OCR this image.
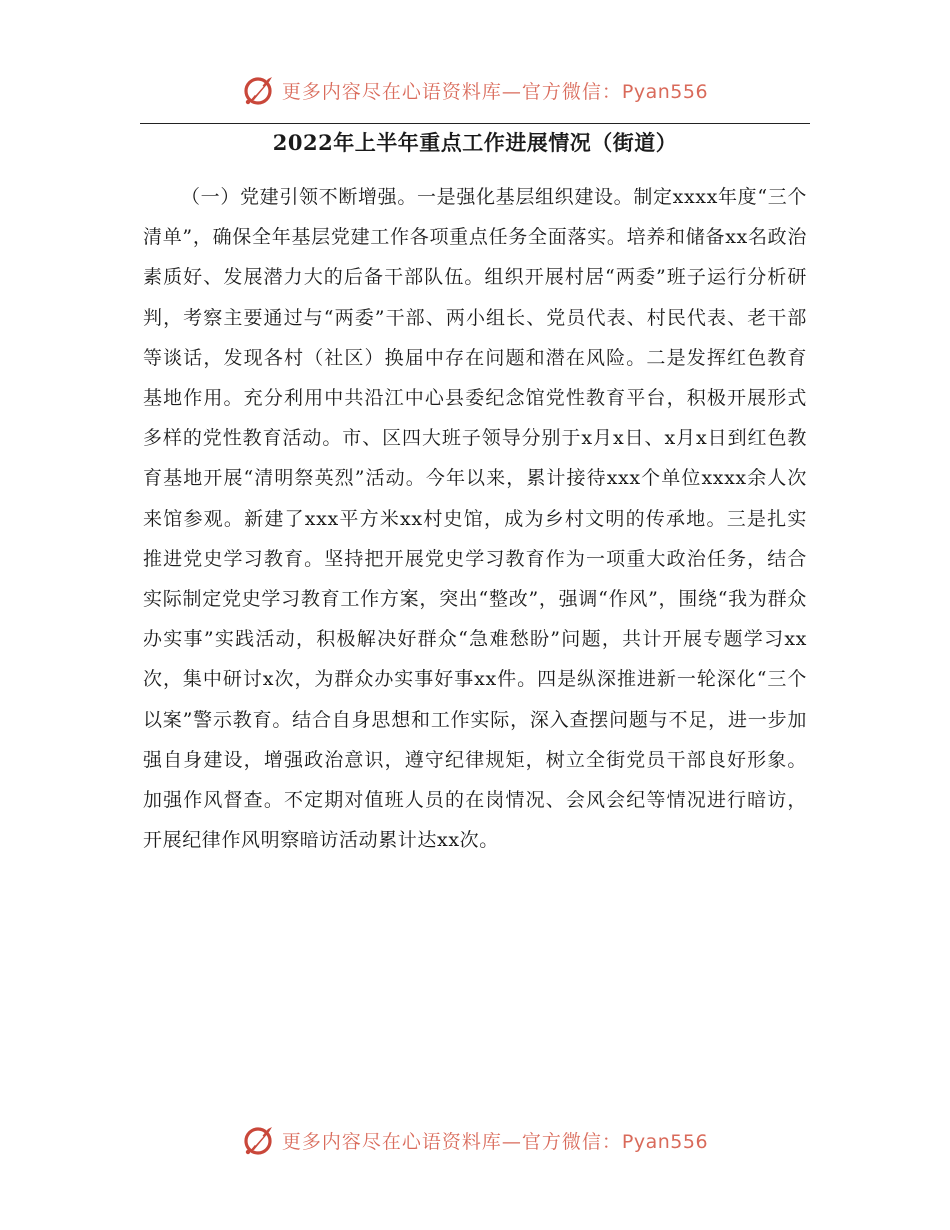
更多内容尽在心语资料库—官方微信：Pyan556
2022年上半年重点工作进展情况（街道）

（一）党建引领不断增强。一是强化基层组织建设。制定xxxx年度“三个清单”，确保全年基层党建工作各项重点任务全面落实。培养和储备xx名政治素质好、发展潜力大的后备干部队伍。组织开展村居“两委”班子运行分析研判，考察主要通过与“两委”干部、两小组长、党员代表、村民代表、老干部等谈话，发现各村（社区）换届中存在问题和潜在风险。二是发挥红色教育基地作用。充分利用中共沿江中心县委纪念馆党性教育平台，积极开展形式多样的党性教育活动。市、区四大班子领导分别于x月x日、x月x日到红色教育基地开展“清明祭英烈”活动。今年以来，累计接待xxx个单位xxxx余人次来馆参观。新建了xxx平方米xx村史馆，成为乡村文明的传承地。三是扎实推进党史学习教育。坚持把开展党史学习教育作为一项重大政治任务，结合实际制定党史学习教育工作方案，突出“整改”，强调“作风”，围绕“我为群众办实事”实践活动，积极解决好群众“急难愁盼”问题，共计开展专题学习xx次，集中研讨x次，为群众办实事好事xx件。四是纵深推进新一轮深化“三个以案”警示教育。结合自身思想和工作实际，深入查摆问题与不足，进一步加强自身建设，增强政治意识，遵守纪律规矩，树立全街党员干部良好形象。加强作风督查。不定期对值班人员的在岗情况、会风会纪等情况进行暗访，开展纪律作风明察暗访活动累计达xx次。

更多内容尽在心语资料库—官方微信：Pyan556
